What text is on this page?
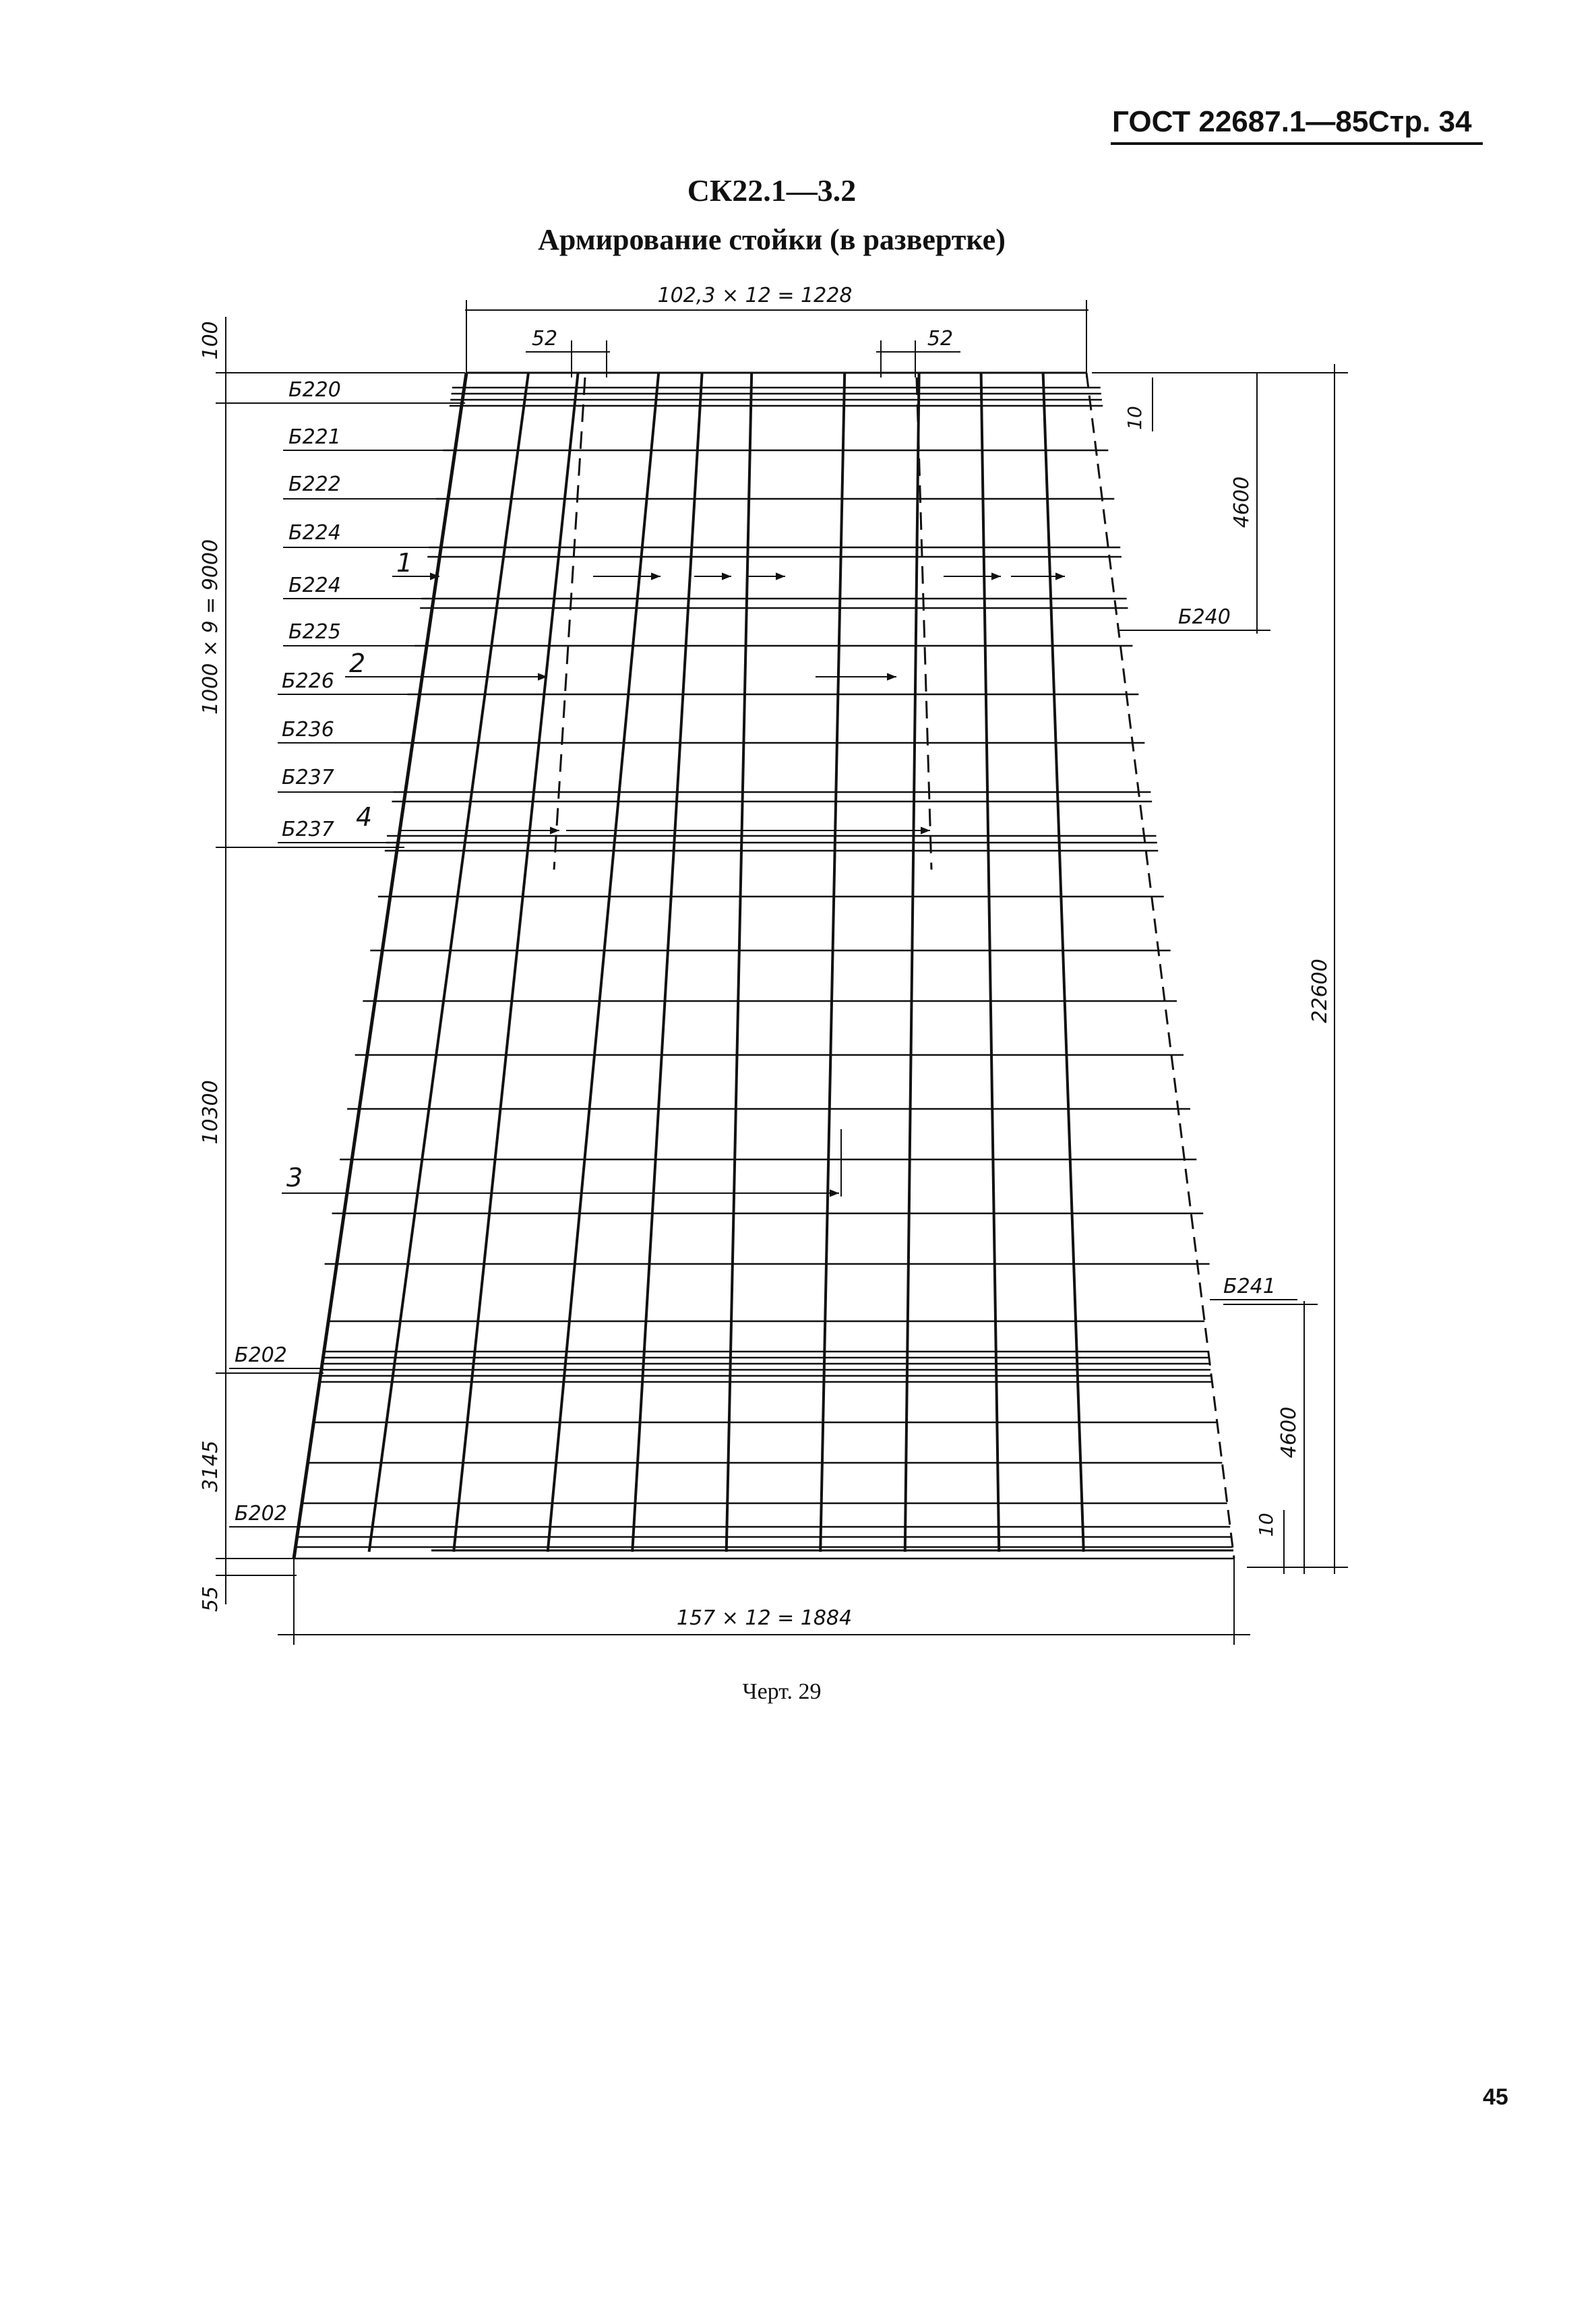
ГОСТ 22687.1—85 Стр. 34
СК22.1—3.2
Армирование стойки (в развертке)
102,3 × 12 = 1228
52	52
157 × 12 = 1884
100
1000 × 9 = 9000
10300
3145
55
22600
4600
4600
10
10
Б220
Б221
Б222
Б224
Б224
Б225
Б226
Б236
Б237
Б237
Б202
Б202
Б240
Б241
1
2
4
3
Черт. 29
45
